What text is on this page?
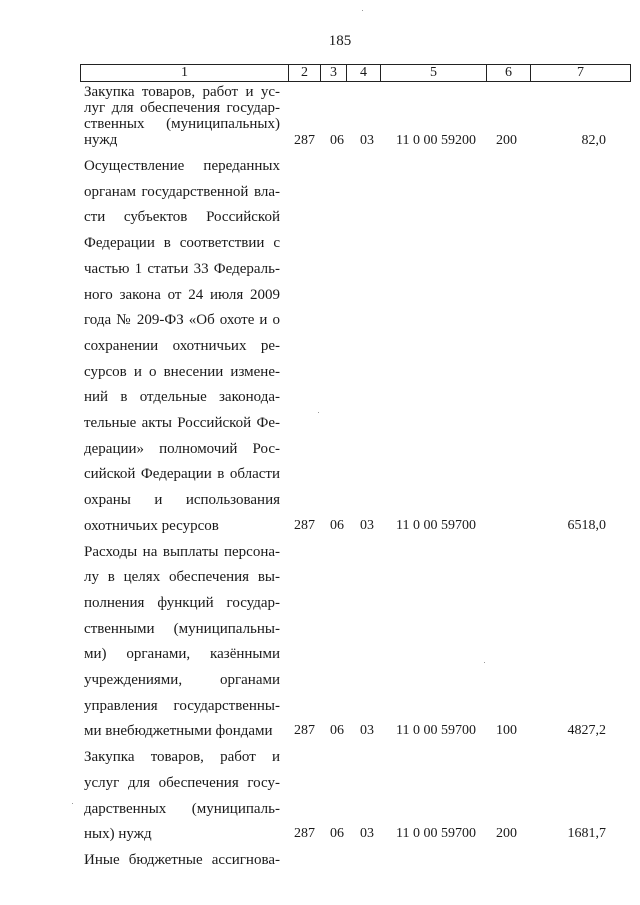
185
1	2	3	4	5	6	7
Закупка товаров, работ и ус-
луг для обеспечения государ-
ственных (муниципальных)
нужд	287 06 03 11 0 00 59200 200	82,0
Осуществление переданных
органам государственной вла-
сти субъектов Российской
Федерации в соответствии с
частью 1 статьи 33 Федераль-
ного закона от 24 июля 2009
года № 209-ФЗ «Об охоте и о
сохранении охотничьих ре-
сурсов и о внесении измене-
ний в отдельные законода-
тельные акты Российской Фе-
дерации» полномочий Рос-
сийской Федерации в области
охраны и использования
охотничьих ресурсов	287 06 03 11 0 00 59700	6518,0
Расходы на выплаты персона-
лу в целях обеспечения вы-
полнения функций государ-
ственными (муниципальны-
ми) органами, казёнными
учреждениями, органами
управления государственны-
ми внебюджетными фондами	287 06 03 11 0 00 59700 100	4827,2
Закупка товаров, работ и
услуг для обеспечения госу-
дарственных (муниципаль-
ных) нужд	287 06 03 11 0 00 59700 200	1681,7
Иные бюджетные ассигнова-
